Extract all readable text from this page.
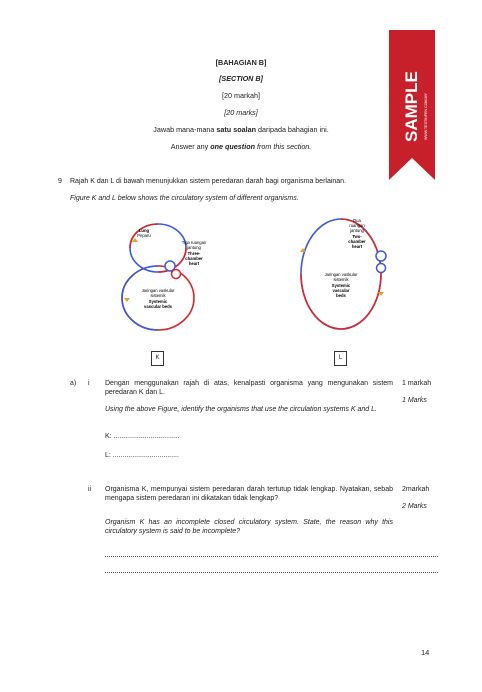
[BAHAGIAN B]
[SECTION B]
[20 markah]
[20 marks]
Jawab mana-mana satu soalan daripada bahagian ini.
Answer any one question from this section.
SAMPLE WWW.TESTINPEN.COM.MY
9 Rajah K dan L di bawah menunjukkan sistem peredaran darah bagi organisma berlainan.
Figure K and L below shows the circulatory system of different organisms.
Lung
Peparu
Tiga ruangan
jantung
Three-
chamber
heart
Jaringan vaskular
sistemik
Systemic
vascular beds
K
Dua
ruangan
jantung
Two-
chamber
heart
Jaringan vaskular
sistemik
Systemic
vascular
beds
L
a) i Dengan menggunakan rajah di atas, kenalpasti organisma yang mengunakan sistem peredaran K dan L.
Using the above Figure, identify the organisms that use the circulation systems K and L.
1 markah
1 Marks
K: ..................................
L: ..................................
ii Organisma K, mempunyai sistem peredaran darah tertutup tidak lengkap. Nyatakan, sebab mengapa sistem peredaran ini dikatakan tidak lengkap?
Organism K has an incomplete closed circulatory system. State, the reason why this circulatory system is said to be incomplete?
2markah
2 Marks
14
